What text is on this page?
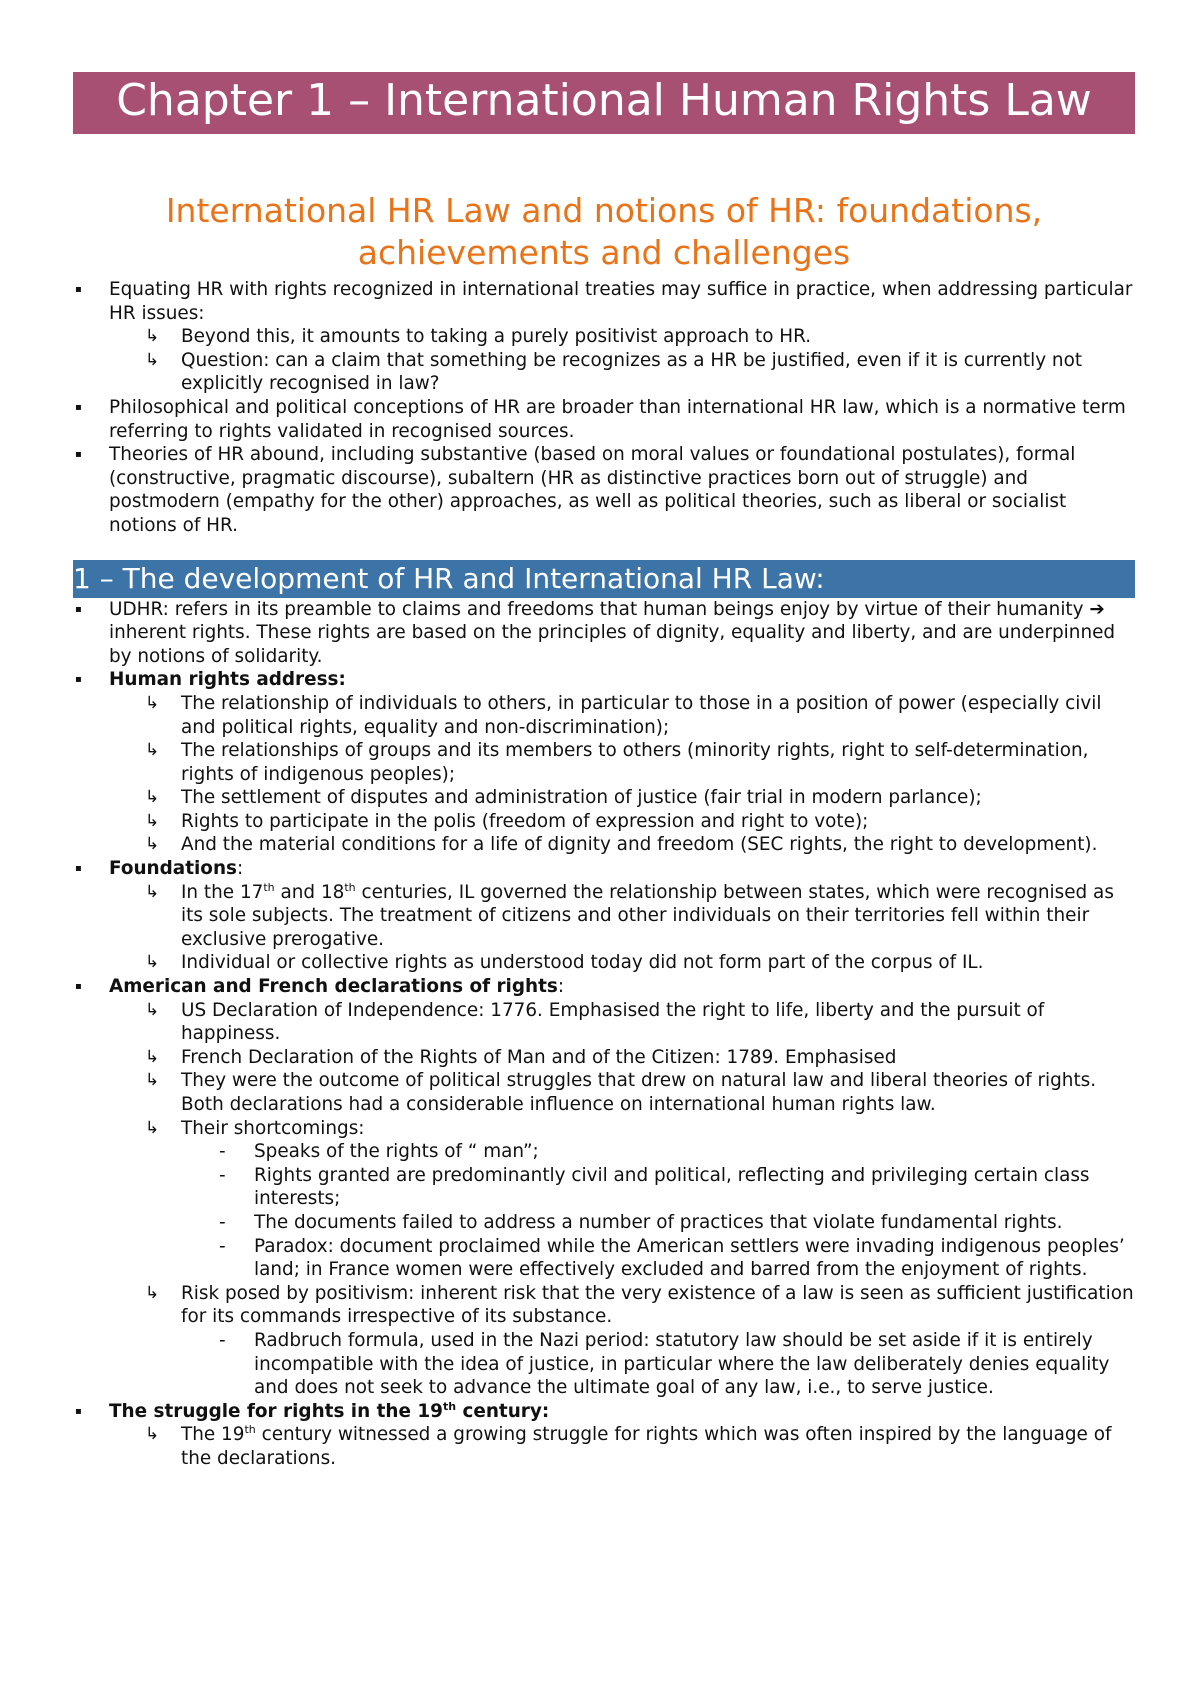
Chapter 1 – International Human Rights Law
International HR Law and notions of HR: foundations, achievements and challenges
▪ Equating HR with rights recognized in international treaties may suffice in practice, when addressing particular HR issues:
↳ Beyond this, it amounts to taking a purely positivist approach to HR.
↳ Question: can a claim that something be recognizes as a HR be justified, even if it is currently not explicitly recognised in law?
▪ Philosophical and political conceptions of HR are broader than international HR law, which is a normative term referring to rights validated in recognised sources.
▪ Theories of HR abound, including substantive (based on moral values or foundational postulates), formal (constructive, pragmatic discourse), subaltern (HR as distinctive practices born out of struggle) and postmodern (empathy for the other) approaches, as well as political theories, such as liberal or socialist notions of HR.
1 – The development of HR and International HR Law:
▪ UDHR: refers in its preamble to claims and freedoms that human beings enjoy by virtue of their humanity ➔ inherent rights. These rights are based on the principles of dignity, equality and liberty, and are underpinned by notions of solidarity.
▪ Human rights address:
↳ The relationship of individuals to others, in particular to those in a position of power (especially civil and political rights, equality and non-discrimination);
↳ The relationships of groups and its members to others (minority rights, right to self-determination, rights of indigenous peoples);
↳ The settlement of disputes and administration of justice (fair trial in modern parlance);
↳ Rights to participate in the polis (freedom of expression and right to vote);
↳ And the material conditions for a life of dignity and freedom (SEC rights, the right to development).
▪ Foundations:
↳ In the 17th and 18th centuries, IL governed the relationship between states, which were recognised as its sole subjects. The treatment of citizens and other individuals on their territories fell within their exclusive prerogative.
↳ Individual or collective rights as understood today did not form part of the corpus of IL.
▪ American and French declarations of rights:
↳ US Declaration of Independence: 1776. Emphasised the right to life, liberty and the pursuit of happiness.
↳ French Declaration of the Rights of Man and of the Citizen: 1789. Emphasised
↳ They were the outcome of political struggles that drew on natural law and liberal theories of rights. Both declarations had a considerable influence on international human rights law.
↳ Their shortcomings:
- Speaks of the rights of “ man”;
- Rights granted are predominantly civil and political, reflecting and privileging certain class interests;
- The documents failed to address a number of practices that violate fundamental rights.
- Paradox: document proclaimed while the American settlers were invading indigenous peoples’ land; in France women were effectively excluded and barred from the enjoyment of rights.
↳ Risk posed by positivism: inherent risk that the very existence of a law is seen as sufficient justification for its commands irrespective of its substance.
- Radbruch formula, used in the Nazi period: statutory law should be set aside if it is entirely incompatible with the idea of justice, in particular where the law deliberately denies equality and does not seek to advance the ultimate goal of any law, i.e., to serve justice.
▪ The struggle for rights in the 19th century:
↳ The 19th century witnessed a growing struggle for rights which was often inspired by the language of the declarations.
